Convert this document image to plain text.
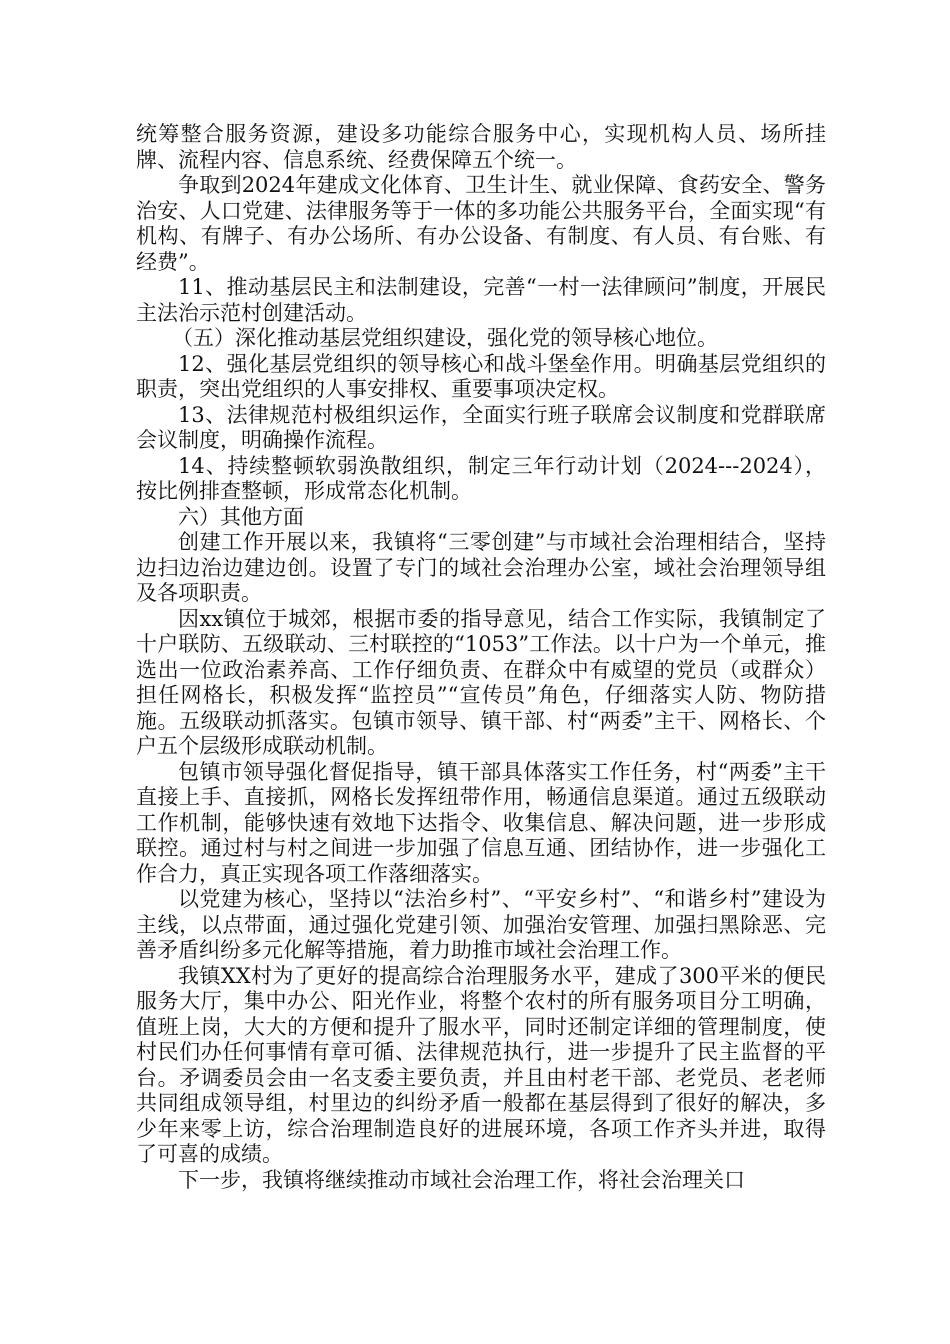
统筹整合服务资源，建设多功能综合服务中心，实现机构人员、场所挂牌、流程内容、信息系统、经费保障五个统一。

争取到2024年建成文化体育、卫生计生、就业保障、食药安全、警务治安、人口党建、法律服务等于一体的多功能公共服务平台，全面实现“有机构、有牌子、有办公场所、有办公设备、有制度、有人员、有台账、有经费”。

11、推动基层民主和法制建设，完善“一村一法律顾问”制度，开展民主法治示范村创建活动。

（五）深化推动基层党组织建设，强化党的领导核心地位。

12、强化基层党组织的领导核心和战斗堡垒作用。明确基层党组织的职责，突出党组织的人事安排权、重要事项决定权。

13、法律规范村极组织运作，全面实行班子联席会议制度和党群联席会议制度，明确操作流程。

14、持续整顿软弱涣散组织，制定三年行动计划（2024---2024），按比例排查整顿，形成常态化机制。

六）其他方面

创建工作开展以来，我镇将“三零创建”与市域社会治理相结合，坚持边扫边治边建边创。设置了专门的域社会治理办公室，域社会治理领导组及各项职责。

因xx镇位于城郊，根据市委的指导意见，结合工作实际，我镇制定了十户联防、五级联动、三村联控的“1053”工作法。以十户为一个单元，推选出一位政治素养高、工作仔细负责、在群众中有威望的党员（或群众）担任网格长，积极发挥“监控员”“宣传员”角色，仔细落实人防、物防措施。五级联动抓落实。包镇市领导、镇干部、村“两委”主干、网格长、个户五个层级形成联动机制。

包镇市领导强化督促指导，镇干部具体落实工作任务，村“两委”主干直接上手、直接抓，网格长发挥纽带作用，畅通信息渠道。通过五级联动工作机制，能够快速有效地下达指令、收集信息、解决问题，进一步形成联控。通过村与村之间进一步加强了信息互通、团结协作，进一步强化工作合力，真正实现各项工作落细落实。

以党建为核心，坚持以“法治乡村”、“平安乡村”、“和谐乡村”建设为主线，以点带面，通过强化党建引领、加强治安管理、加强扫黑除恶、完善矛盾纠纷多元化解等措施，着力助推市域社会治理工作。

我镇XX村为了更好的提高综合治理服务水平，建成了300平米的便民服务大厅，集中办公、阳光作业，将整个农村的所有服务项目分工明确，值班上岗，大大的方便和提升了服水平，同时还制定详细的管理制度，使村民们办任何事情有章可循、法律规范执行，进一步提升了民主监督的平台。矛调委员会由一名支委主要负责，并且由村老干部、老党员、老老师共同组成领导组，村里边的纠纷矛盾一般都在基层得到了很好的解决，多少年来零上访，综合治理制造良好的进展环境，各项工作齐头并进，取得了可喜的成绩。

下一步，我镇将继续推动市域社会治理工作，将社会治理关口
